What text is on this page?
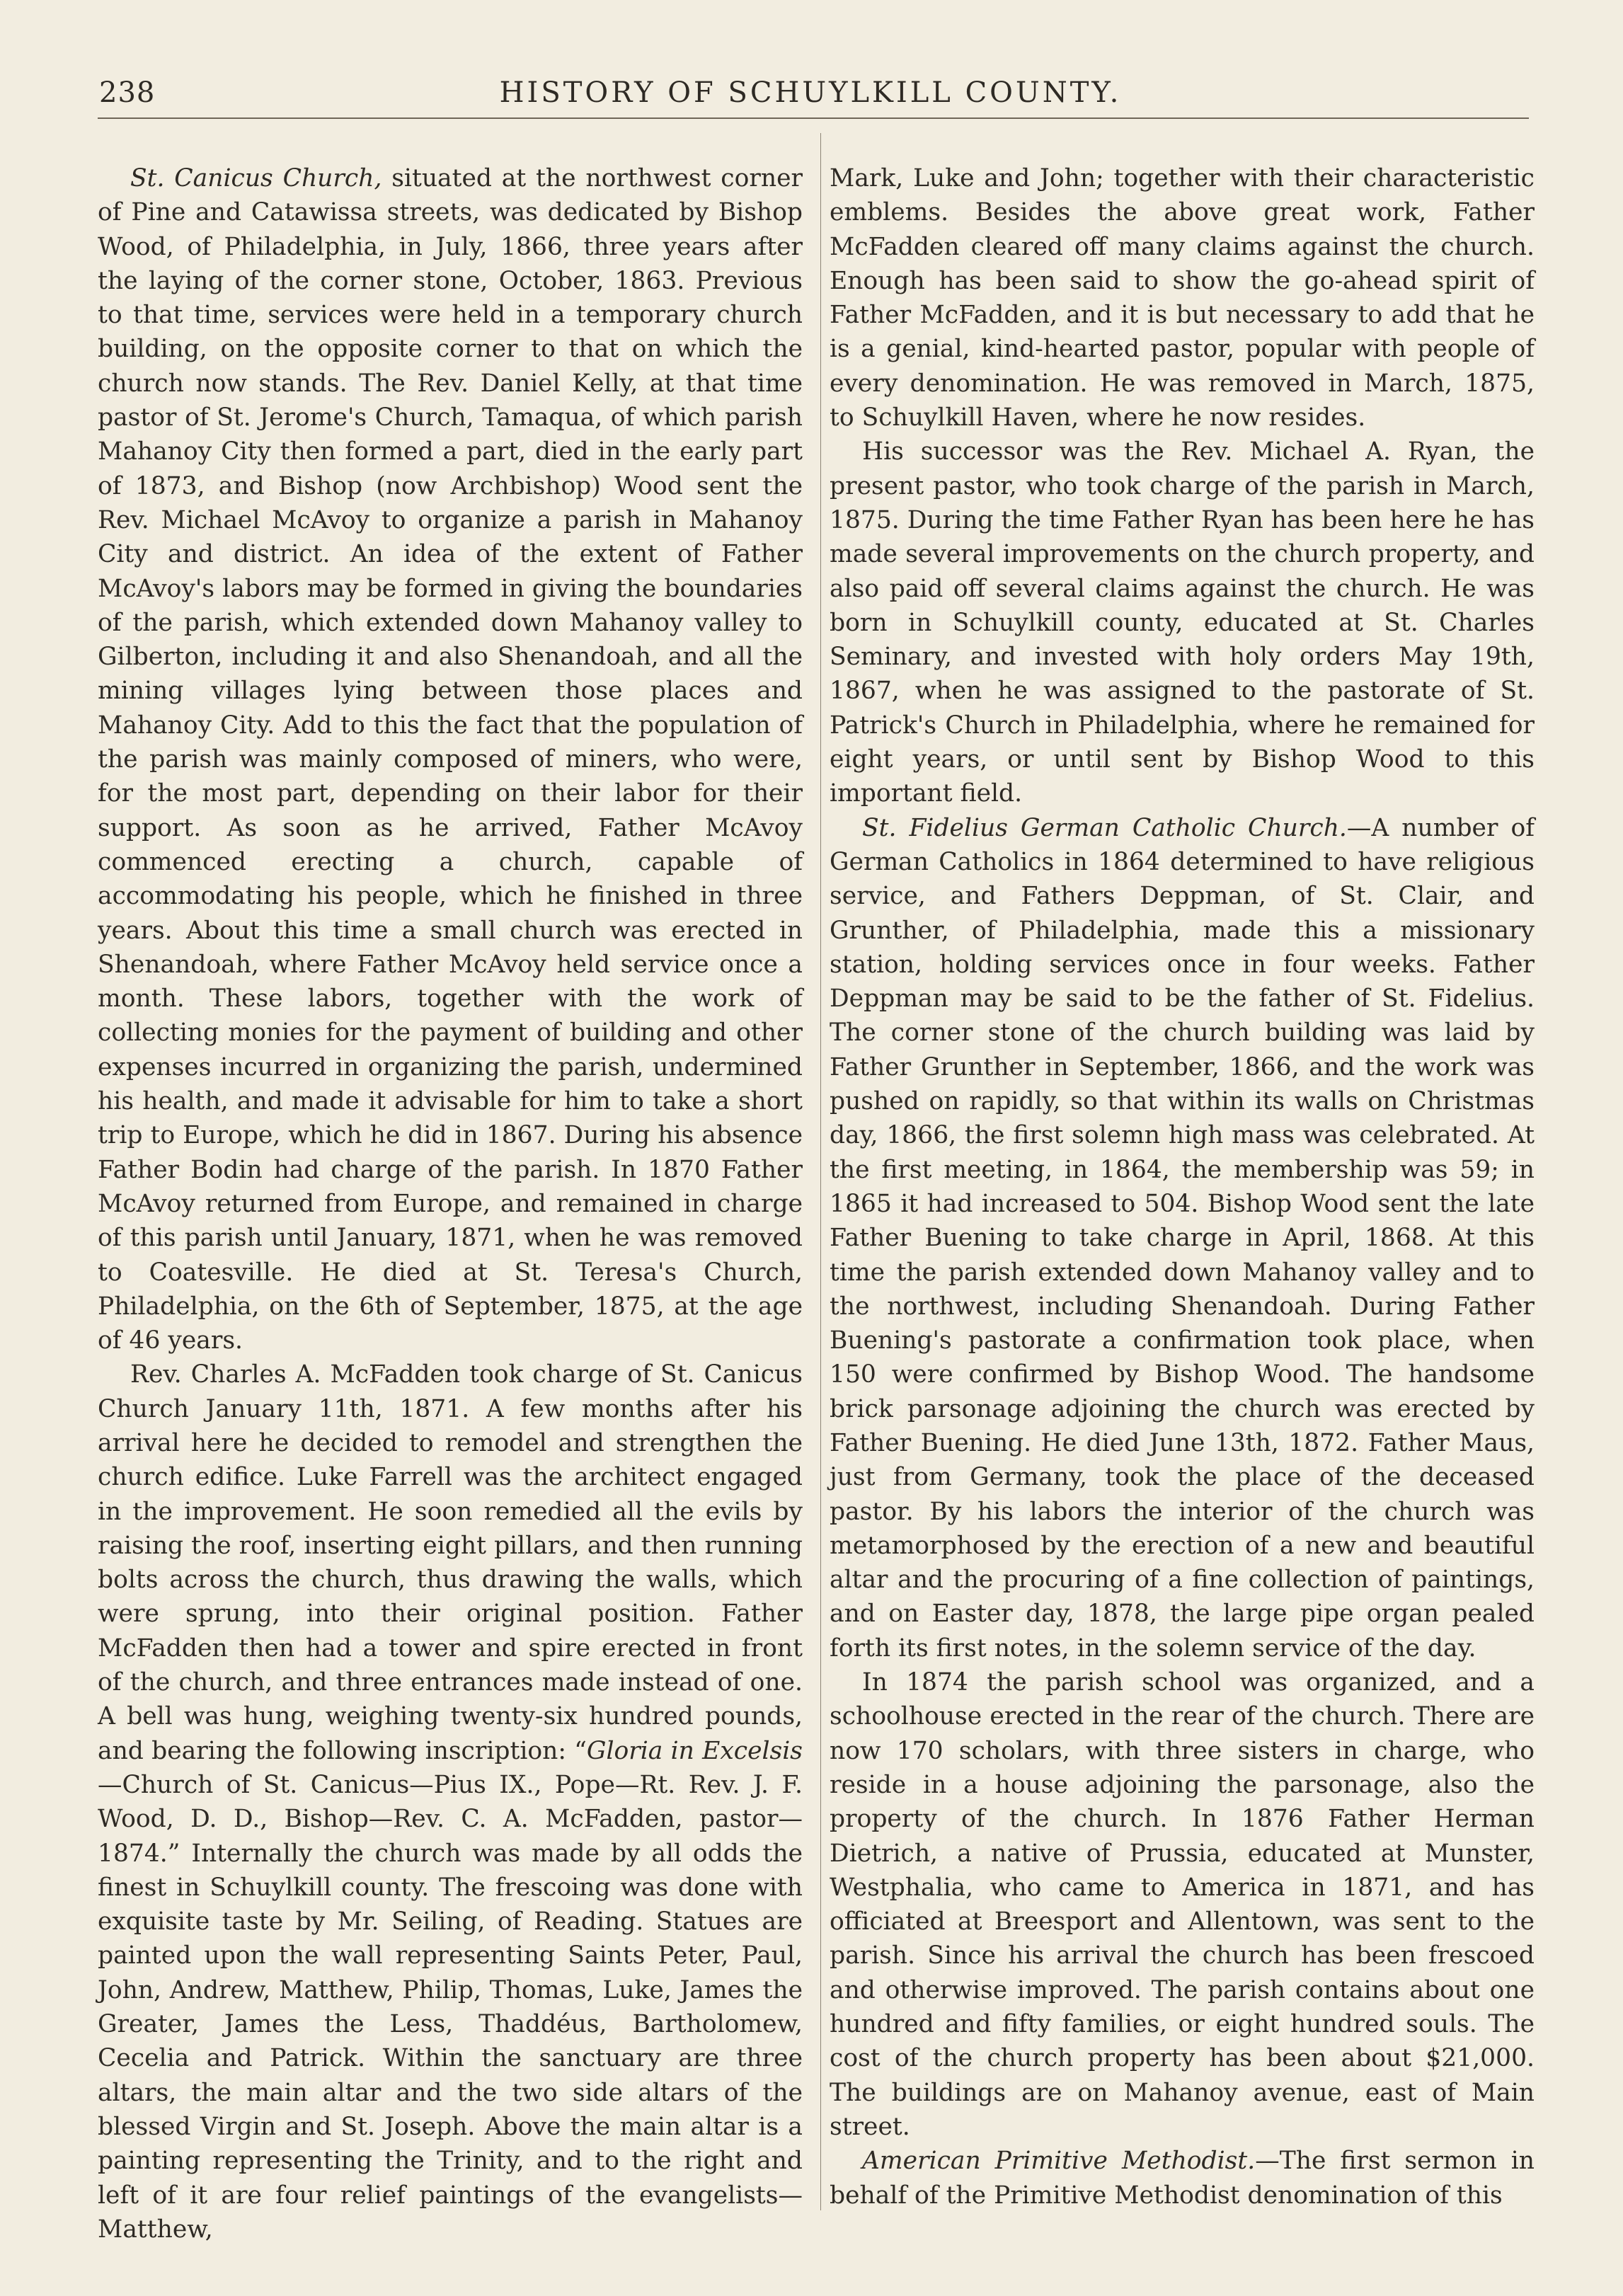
238	HISTORY OF SCHUYLKILL COUNTY.

St. Canicus Church, situated at the northwest corner of Pine and Catawissa streets, was dedicated by Bishop Wood, of Philadelphia, in July, 1866, three years after the laying of the corner stone, October, 1863. Previous to that time, services were held in a temporary church building, on the opposite corner to that on which the church now stands. The Rev. Daniel Kelly, at that time pastor of St. Jerome's Church, Tamaqua, of which parish Mahanoy City then formed a part, died in the early part of 1873, and Bishop (now Archbishop) Wood sent the Rev. Michael McAvoy to organize a parish in Mahanoy City and district. An idea of the extent of Father McAvoy's labors may be formed in giving the boundaries of the parish, which extended down Mahanoy valley to Gilberton, including it and also Shenandoah, and all the mining villages lying between those places and Mahanoy City. Add to this the fact that the population of the parish was mainly composed of miners, who were, for the most part, depending on their labor for their support. As soon as he arrived, Father McAvoy commenced erecting a church, capable of accommodating his people, which he finished in three years. About this time a small church was erected in Shenandoah, where Father McAvoy held service once a month. These labors, together with the work of collecting monies for the payment of building and other expenses incurred in organizing the parish, undermined his health, and made it advisable for him to take a short trip to Europe, which he did in 1867. During his absence Father Bodin had charge of the parish. In 1870 Father McAvoy returned from Europe, and remained in charge of this parish until January, 1871, when he was removed to Coatesville. He died at St. Teresa's Church, Philadelphia, on the 6th of September, 1875, at the age of 46 years.

Rev. Charles A. McFadden took charge of St. Canicus Church January 11th, 1871. A few months after his arrival here he decided to remodel and strengthen the church edifice. Luke Farrell was the architect engaged in the improvement. He soon remedied all the evils by raising the roof, inserting eight pillars, and then running bolts across the church, thus drawing the walls, which were sprung, into their original position. Father McFadden then had a tower and spire erected in front of the church, and three entrances made instead of one. A bell was hung, weighing twenty-six hundred pounds, and bearing the following inscription: “Gloria in Excelsis—Church of St. Canicus—Pius IX., Pope—Rt. Rev. J. F. Wood, D. D., Bishop—Rev. C. A. McFadden, pastor—1874.” Internally the church was made by all odds the finest in Schuylkill county. The frescoing was done with exquisite taste by Mr. Seiling, of Reading. Statues are painted upon the wall representing Saints Peter, Paul, John, Andrew, Matthew, Philip, Thomas, Luke, James the Greater, James the Less, Thaddéus, Bartholomew, Cecelia and Patrick. Within the sanctuary are three altars, the main altar and the two side altars of the blessed Virgin and St. Joseph. Above the main altar is a painting representing the Trinity, and to the right and left of it are four relief paintings of the evangelists—Matthew,

Mark, Luke and John; together with their characteristic emblems. Besides the above great work, Father McFadden cleared off many claims against the church. Enough has been said to show the go-ahead spirit of Father McFadden, and it is but necessary to add that he is a genial, kind-hearted pastor, popular with people of every denomination. He was removed in March, 1875, to Schuylkill Haven, where he now resides.

His successor was the Rev. Michael A. Ryan, the present pastor, who took charge of the parish in March, 1875. During the time Father Ryan has been here he has made several improvements on the church property, and also paid off several claims against the church. He was born in Schuylkill county, educated at St. Charles Seminary, and invested with holy orders May 19th, 1867, when he was assigned to the pastorate of St. Patrick's Church in Philadelphia, where he remained for eight years, or until sent by Bishop Wood to this important field.

St. Fidelius German Catholic Church.—A number of German Catholics in 1864 determined to have religious service, and Fathers Deppman, of St. Clair, and Grunther, of Philadelphia, made this a missionary station, holding services once in four weeks. Father Deppman may be said to be the father of St. Fidelius. The corner stone of the church building was laid by Father Grunther in September, 1866, and the work was pushed on rapidly, so that within its walls on Christmas day, 1866, the first solemn high mass was celebrated. At the first meeting, in 1864, the membership was 59; in 1865 it had increased to 504. Bishop Wood sent the late Father Buening to take charge in April, 1868. At this time the parish extended down Mahanoy valley and to the northwest, including Shenandoah. During Father Buening's pastorate a confirmation took place, when 150 were confirmed by Bishop Wood. The handsome brick parsonage adjoining the church was erected by Father Buening. He died June 13th, 1872. Father Maus, just from Germany, took the place of the deceased pastor. By his labors the interior of the church was metamorphosed by the erection of a new and beautiful altar and the procuring of a fine collection of paintings, and on Easter day, 1878, the large pipe organ pealed forth its first notes, in the solemn service of the day.

In 1874 the parish school was organized, and a schoolhouse erected in the rear of the church. There are now 170 scholars, with three sisters in charge, who reside in a house adjoining the parsonage, also the property of the church. In 1876 Father Herman Dietrich, a native of Prussia, educated at Munster, Westphalia, who came to America in 1871, and has officiated at Breesport and Allentown, was sent to the parish. Since his arrival the church has been frescoed and otherwise improved. The parish contains about one hundred and fifty families, or eight hundred souls. The cost of the church property has been about $21,000. The buildings are on Mahanoy avenue, east of Main street.

American Primitive Methodist.—The first sermon in behalf of the Primitive Methodist denomination of this
